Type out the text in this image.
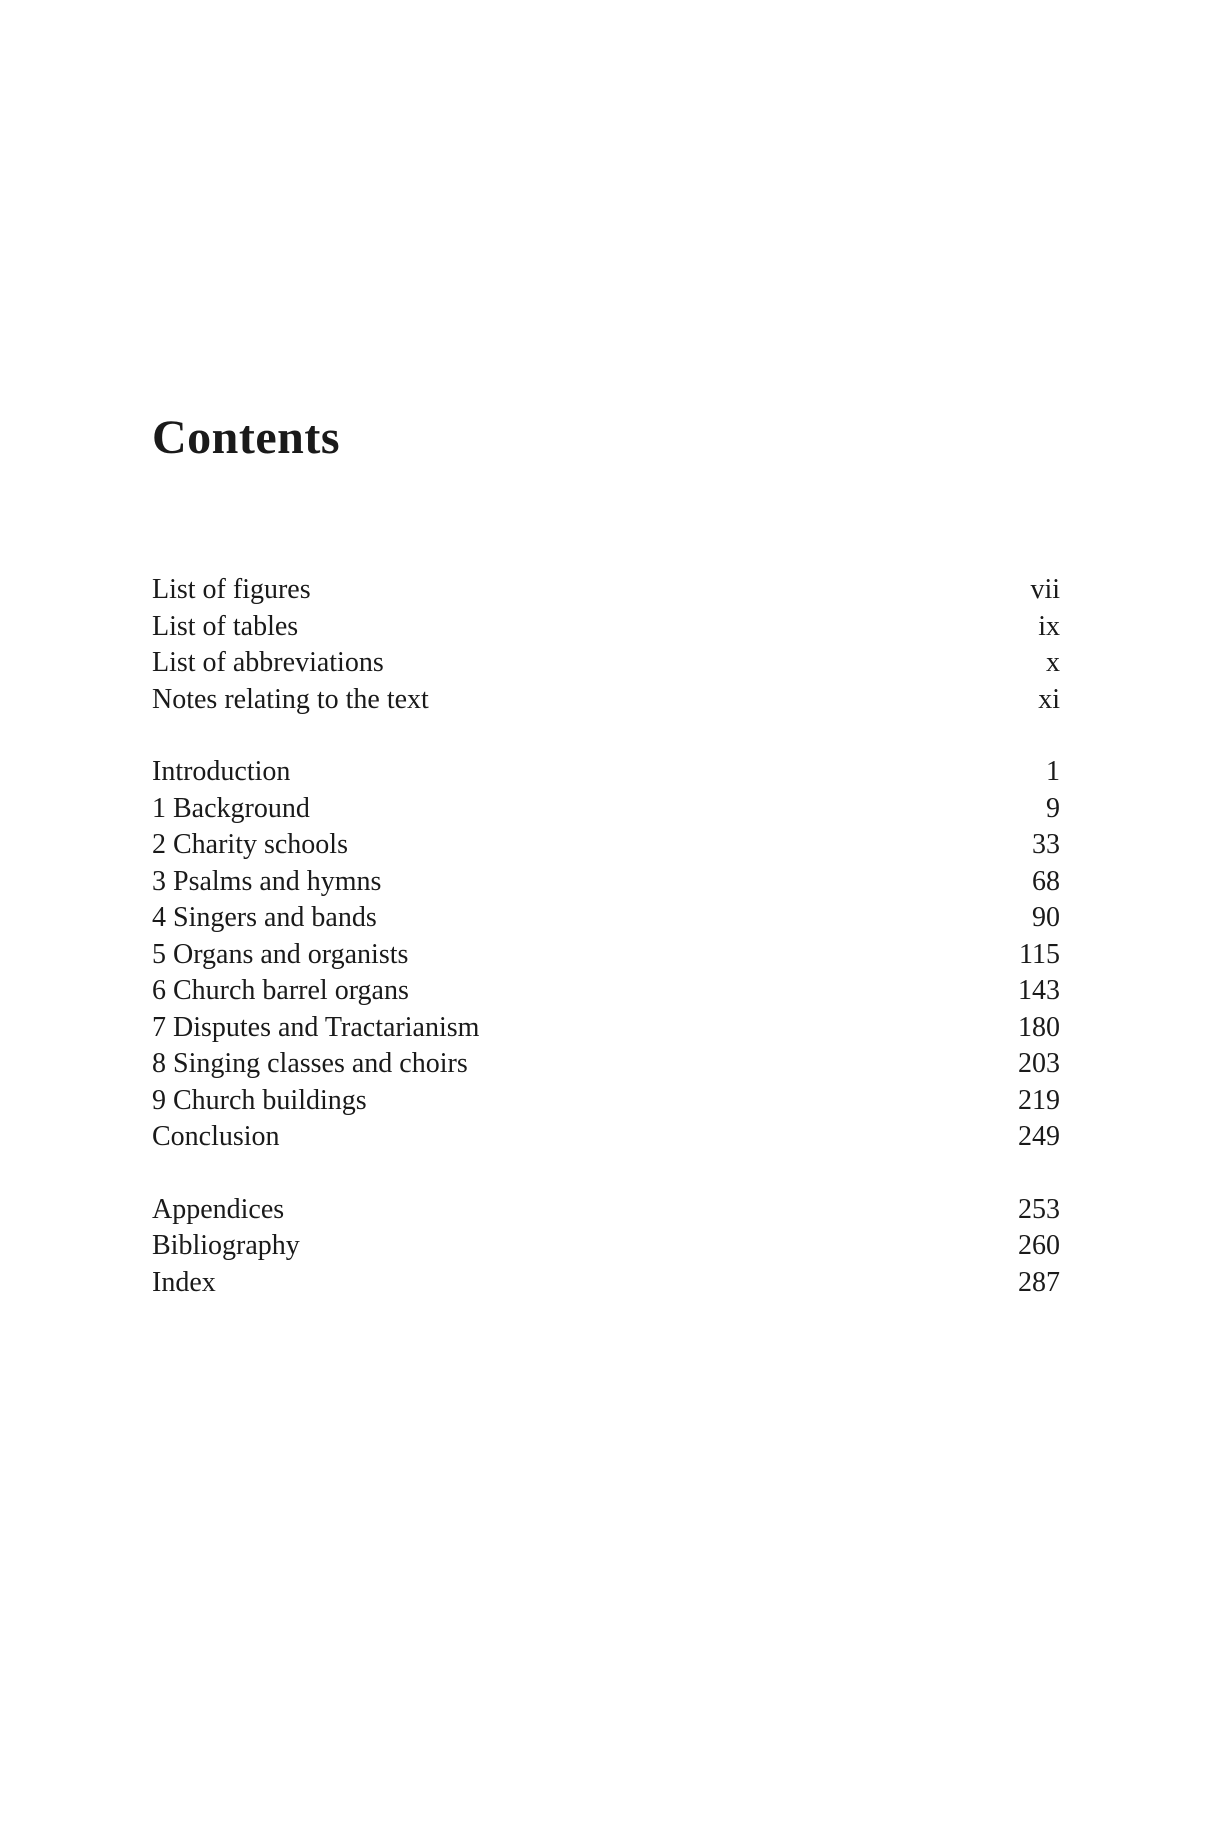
Contents
List of figures	vii
List of tables	ix
List of abbreviations	x
Notes relating to the text	xi
Introduction	1
1 Background	9
2 Charity schools	33
3 Psalms and hymns	68
4 Singers and bands	90
5 Organs and organists	115
6 Church barrel organs	143
7 Disputes and Tractarianism	180
8 Singing classes and choirs	203
9 Church buildings	219
Conclusion	249
Appendices	253
Bibliography	260
Index	287
